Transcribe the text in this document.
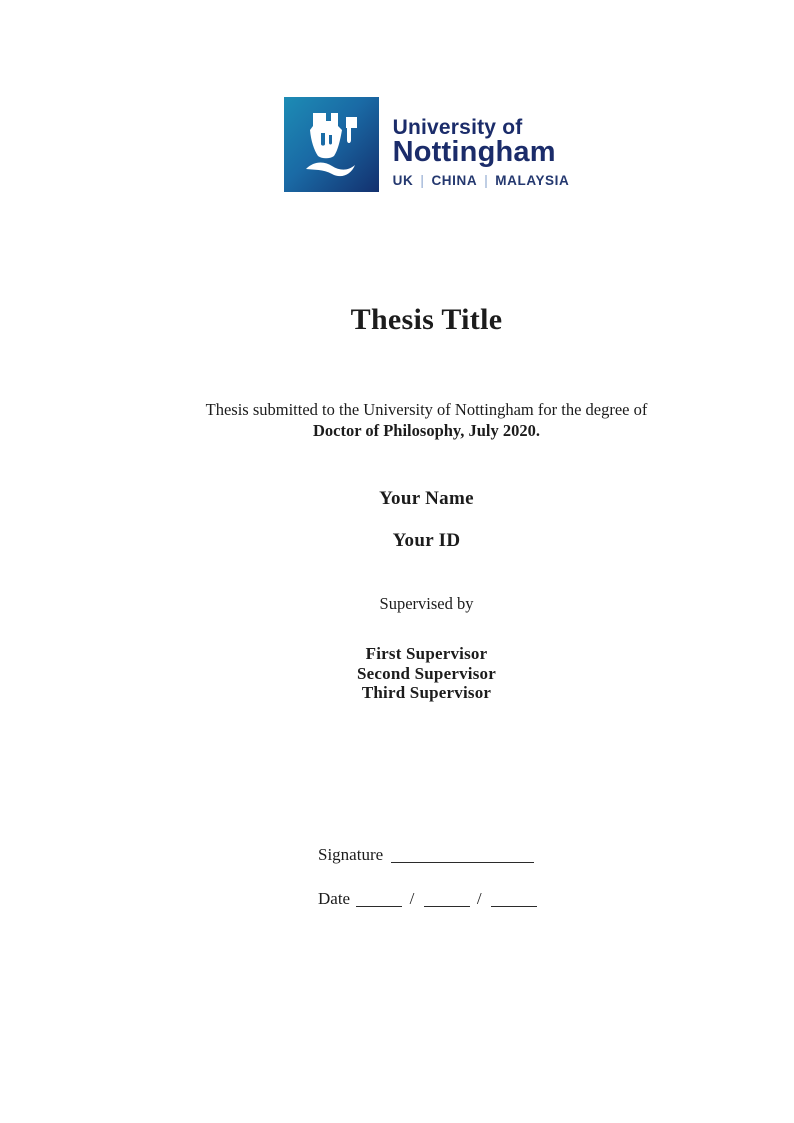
University of
Nottingham
UK | CHINA | MALAYSIA
Thesis Title
Thesis submitted to the University of Nottingham for the degree of
Doctor of Philosophy, July 2020.
Your Name
Your ID
Supervised by
First Supervisor
Second Supervisor
Third Supervisor
Signature
Date	/	/
